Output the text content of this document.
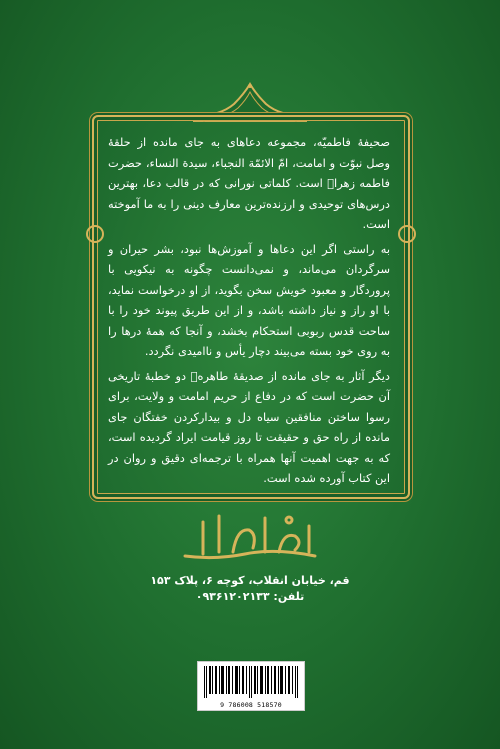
صحیفهٔ فاطمیّه، مجموعه دعاهای به جای مانده از حلقهٔ وصل نبوّت و امامت، امّ الائمّة النجباء، سیدة النساء، حضرت فاطمه زهرا﷣ است. کلماتی نورانی که در قالب دعا، بهترین درس‌های توحیدی و ارزنده‌ترین معارف دینی را به ما آموخته است.

به راستی اگر این دعاها و آموزش‌ها نبود، بشر حیران و سرگردان می‌ماند، و نمی‌دانست چگونه به نیکویی با پروردگار و معبود خویش سخن بگوید، از او درخواست نماید، با او راز و نیاز داشته باشد، و از این طریق پیوند خود را با ساحت قدس ربوبی استحکام بخشد، و آنجا که همهٔ درها را به روی خود بسته می‌بیند دچار یأس و ناامیدی نگردد.

دیگر آثار به جای مانده از صدیقهٔ طاهره﷣ دو خطبهٔ تاریخی آن حضرت است که در دفاع از حریم امامت و ولایت، برای رسوا ساختن منافقین سیاه دل و بیدارکردن خفتگان جای مانده از راه حق و حقیقت تا روز قیامت ایراد گردیده است، که به جهت اهمیت آنها همراه با ترجمه‌ای دقیق و روان در این کتاب آورده شده است.

قم، خیابان انقلاب، کوچه ۶، پلاک ۱۵۳
تلفن: ۰۹۳۶۱۲۰۲۱۳۳
9 786008 518570
